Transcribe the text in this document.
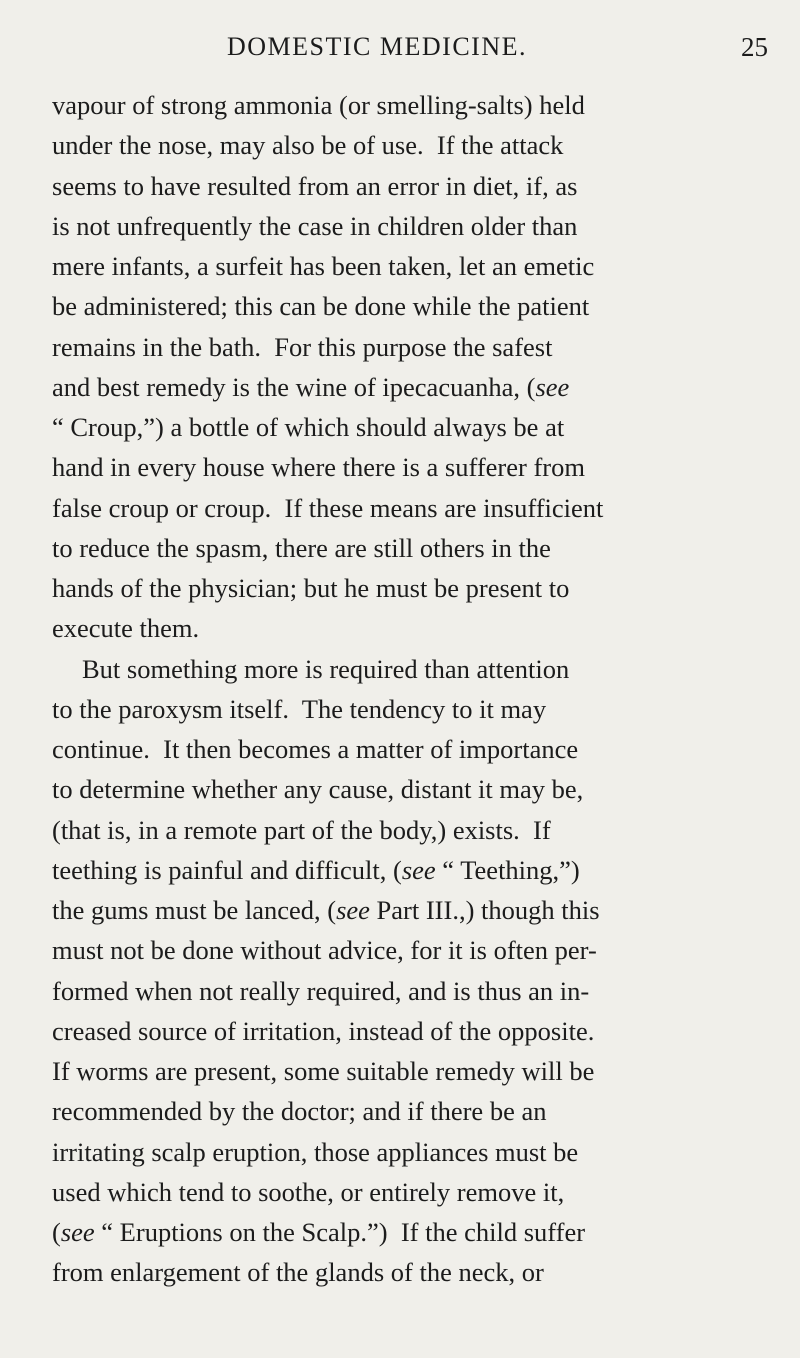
DOMESTIC MEDICINE.	25
vapour of strong ammonia (or smelling-salts) held
under the nose, may also be of use.  If the attack
seems to have resulted from an error in diet, if, as
is not unfrequently the case in children older than
mere infants, a surfeit has been taken, let an emetic
be administered; this can be done while the patient
remains in the bath.  For this purpose the safest
and best remedy is the wine of ipecacuanha, (see
“ Croup,”) a bottle of which should always be at
hand in every house where there is a sufferer from
false croup or croup.  If these means are insufficient
to reduce the spasm, there are still others in the
hands of the physician; but he must be present to
execute them.
But something more is required than attention
to the paroxysm itself.  The tendency to it may
continue.  It then becomes a matter of importance
to determine whether any cause, distant it may be,
(that is, in a remote part of the body,) exists.  If
teething is painful and difficult, (see “ Teething,”)
the gums must be lanced, (see Part III.,) though this
must not be done without advice, for it is often per-
formed when not really required, and is thus an in-
creased source of irritation, instead of the opposite.
If worms are present, some suitable remedy will be
recommended by the doctor; and if there be an
irritating scalp eruption, those appliances must be
used which tend to soothe, or entirely remove it,
(see “ Eruptions on the Scalp.”)  If the child suffer
from enlargement of the glands of the neck, or
